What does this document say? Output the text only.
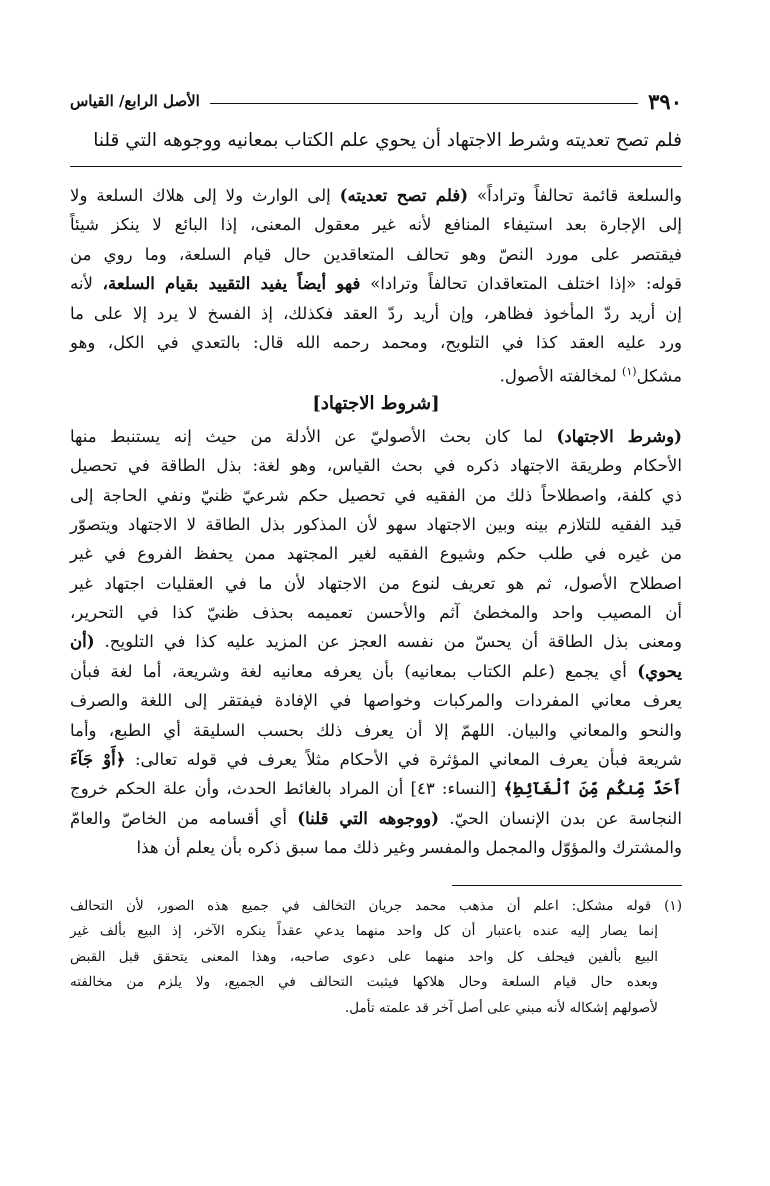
٣٩٠
الأصل الرابع/ القياس
فلم تصح تعديته وشرط الاجتهاد أن يحوي علم الكتاب بمعانيه ووجوهه التي قلنا
والسلعة قائمة تحالفاً وتراداً» (فلم تصح تعديته) إلى الوارث ولا إلى هلاك السلعة ولا
إلى الإجارة بعد استيفاء المنافع لأنه غير معقول المعنى، إذا البائع لا ينكز شيئاً
فيقتصر على مورد النصّ وهو تحالف المتعاقدين حال قيام السلعة، وما روي من
قوله: «إذا اختلف المتعاقدان تحالفاً وترادا» فهو أيضاً يفيد التقييد بقيام السلعة، لأنه
إن أريد ردّ المأخوذ فظاهر، وإن أريد ردّ العقد فكذلك، إذ الفسخ لا يرد إلا على ما
ورد عليه العقد كذا في التلويح، ومحمد رحمه الله قال: بالتعدي في الكل، وهو
مشكل$^{(١)}$ لمخالفته الأصول.
[شروط الاجتهاد]
(وشرط الاجتهاد) لما كان بحث الأصوليّ عن الأدلة من حيث إنه يستنبط منها
الأحكام وطريقة الاجتهاد ذكره في بحث القياس، وهو لغة: بذل الطاقة في تحصيل
ذي كلفة، واصطلاحاً ذلك من الفقيه في تحصيل حكم شرعيّ ظنيّ ونفي الحاجة إلى
قيد الفقيه للتلازم بينه وبين الاجتهاد سهو لأن المذكور بذل الطاقة لا الاجتهاد ويتصوّر
من غيره في طلب حكم وشيوع الفقيه لغير المجتهد ممن يحفظ الفروع في غير
اصطلاح الأصول، ثم هو تعريف لنوع من الاجتهاد لأن ما في العقليات اجتهاد غير
أن المصيب واحد والمخطئ آثم والأحسن تعميمه بحذف ظنيّ كذا في التحرير،
ومعنى بذل الطاقة أن يحسّ من نفسه العجز عن المزيد عليه كذا في التلويح. (أن
يحوي) أي يجمع (علم الكتاب بمعانيه) بأن يعرفه معانيه لغة وشريعة، أما لغة فبأن
يعرف معاني المفردات والمركبات وخواصها في الإفادة فيفتقر إلى اللغة والصرف
والنحو والمعاني والبيان. اللهمّ إلا أن يعرف ذلك بحسب السليقة أي الطبع، وأما
شريعة فبأن يعرف المعاني المؤثرة في الأحكام مثلاً يعرف في قوله تعالى: ﴿أَوْ جَآءَ
أَحَدٌ مِّنكُم مِّنَ ٱلْغَآئِطِ﴾ [النساء: ٤٣] أن المراد بالغائط الحدث، وأن علة الحكم خروج
النجاسة عن بدن الإنسان الحيّ. (ووجوهه التي قلنا) أي أقسامه من الخاصّ والعامّ
والمشترك والمؤوّل والمجمل والمفسر وغير ذلك مما سبق ذكره بأن يعلم أن هذا
(١) قوله مشكل: اعلم أن مذهب محمد جريان التخالف في جميع هذه الصور، لأن التحالف
إنما يصار إليه عنده باعتبار أن كل واحد منهما يدعي عقداً ينكره الآخر، إذ البيع بألف غير
البيع بألفين فيحلف كل واحد منهما على دعوى صاحبه، وهذا المعنى يتحقق قبل القبض
وبعده حال قيام السلعة وحال هلاكها فيثبت التحالف في الجميع، ولا يلزم من مخالفته
لأصولهم إشكاله لأنه مبني على أصل آخر قد علمته تأمل.
